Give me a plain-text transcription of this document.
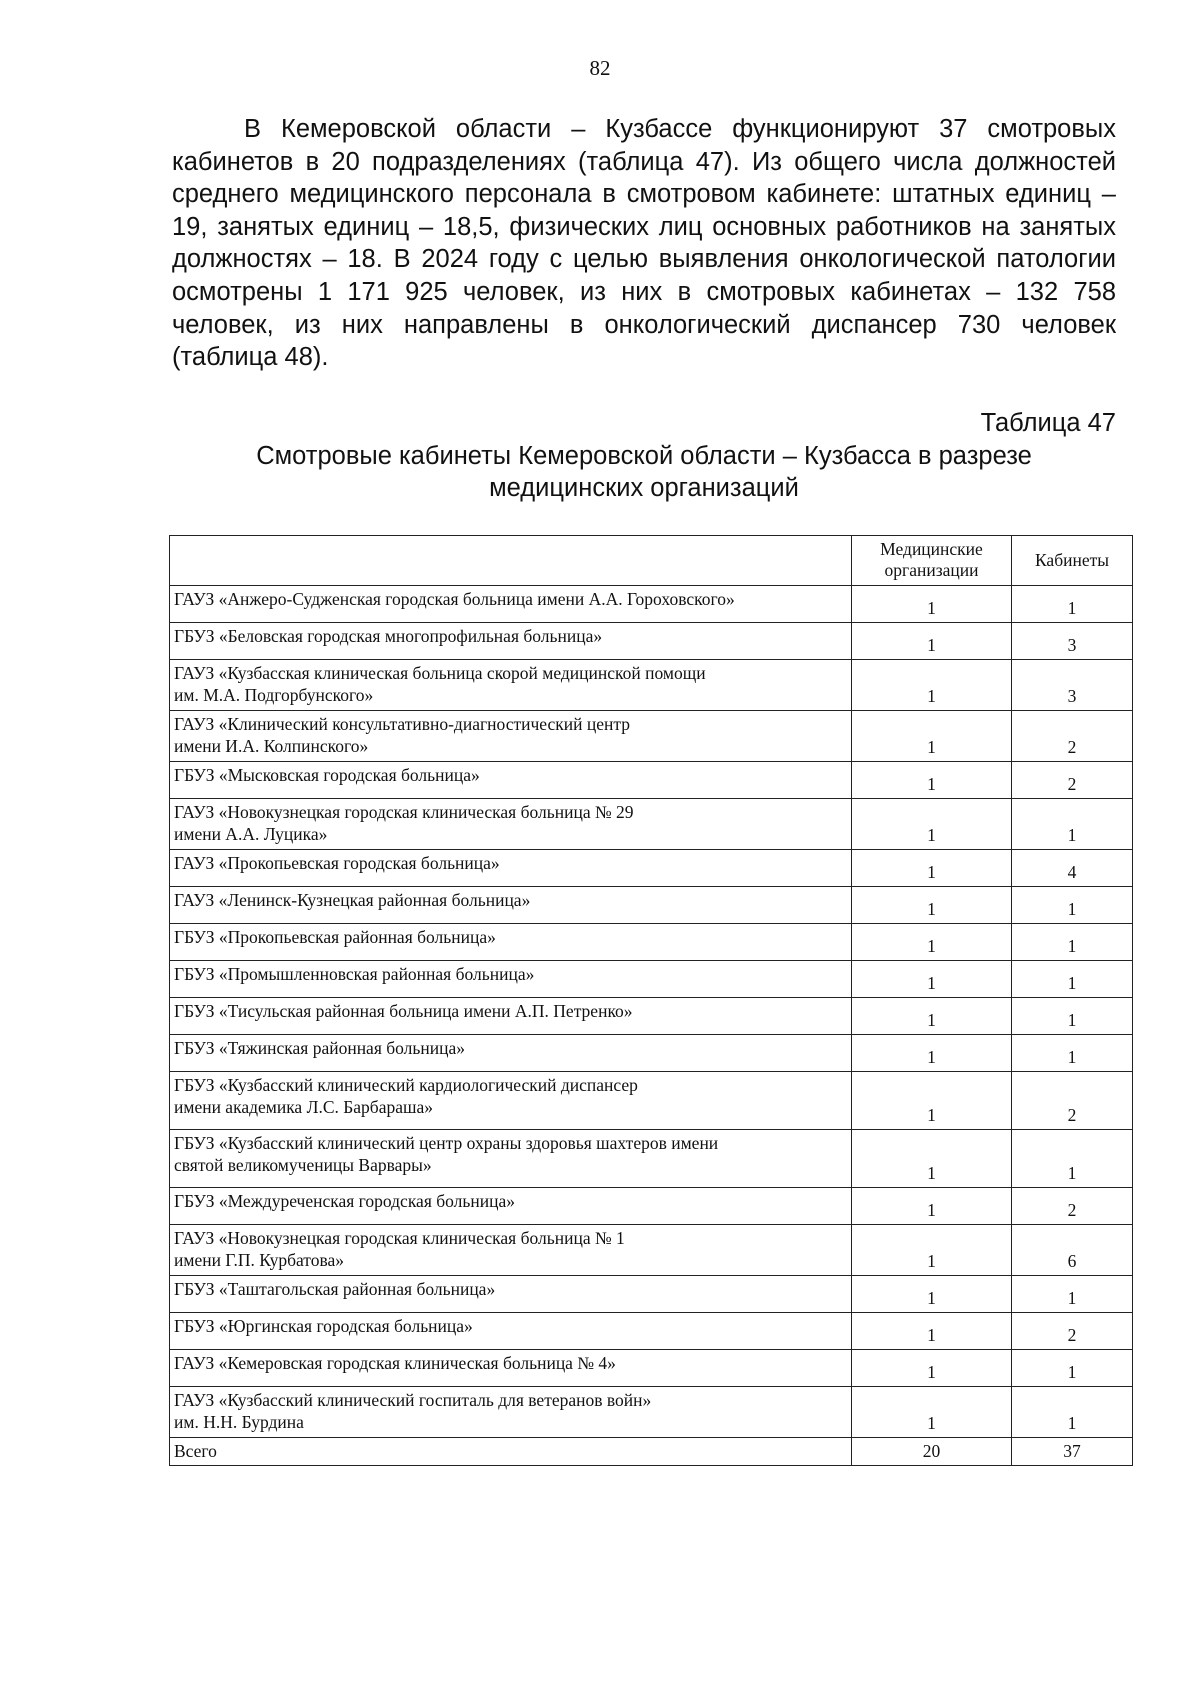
82

В Кемеровской области – Кузбассе функционируют 37 смотровых кабинетов в 20 подразделениях (таблица 47). Из общего числа должностей среднего медицинского персонала в смотровом кабинете: штатных единиц – 19, занятых единиц – 18,5, физических лиц основных работников на занятых должностях – 18. В 2024 году с целью выявления онкологической патологии осмотрены 1 171 925 человек, из них в смотровых кабинетах – 132 758 человек, из них направлены в онкологический диспансер 730 человек (таблица 48).

Таблица 47

Смотровые кабинеты Кемеровской области – Кузбасса в разрезе
медицинских организаций

	Медицинские организации	Кабинеты
ГАУЗ «Анжеро-Судженская городская больница имени А.А. Гороховского»	1	1
ГБУЗ «Беловская городская многопрофильная больница»	1	3
ГАУЗ «Кузбасская клиническая больница скорой медицинской помощи
им. М.А. Подгорбунского»	1	3
ГАУЗ «Клинический консультативно-диагностический центр
имени И.А. Колпинского»	1	2
ГБУЗ «Мысковская городская больница»	1	2
ГАУЗ «Новокузнецкая городская клиническая больница № 29
имени А.А. Луцика»	1	1
ГАУЗ «Прокопьевская городская больница»	1	4
ГАУЗ «Ленинск-Кузнецкая районная больница»	1	1
ГБУЗ «Прокопьевская районная больница»	1	1
ГБУЗ «Промышленновская районная больница»	1	1
ГБУЗ «Тисульская районная больница имени А.П. Петренко»	1	1
ГБУЗ «Тяжинская районная больница»	1	1
ГБУЗ «Кузбасский клинический кардиологический диспансер
имени академика Л.С. Барбараша»	1	2
ГБУЗ «Кузбасский клинический центр охраны здоровья шахтеров имени
святой великомученицы Варвары»	1	1
ГБУЗ «Междуреченская городская больница»	1	2
ГАУЗ «Новокузнецкая городская клиническая больница № 1
имени Г.П. Курбатова»	1	6
ГБУЗ «Таштагольская районная больница»	1	1
ГБУЗ «Юргинская городская больница»	1	2
ГАУЗ «Кемеровская городская клиническая больница № 4»	1	1
ГАУЗ «Кузбасский клинический госпиталь для ветеранов войн»
им. Н.Н. Бурдина	1	1
Всего	20	37
